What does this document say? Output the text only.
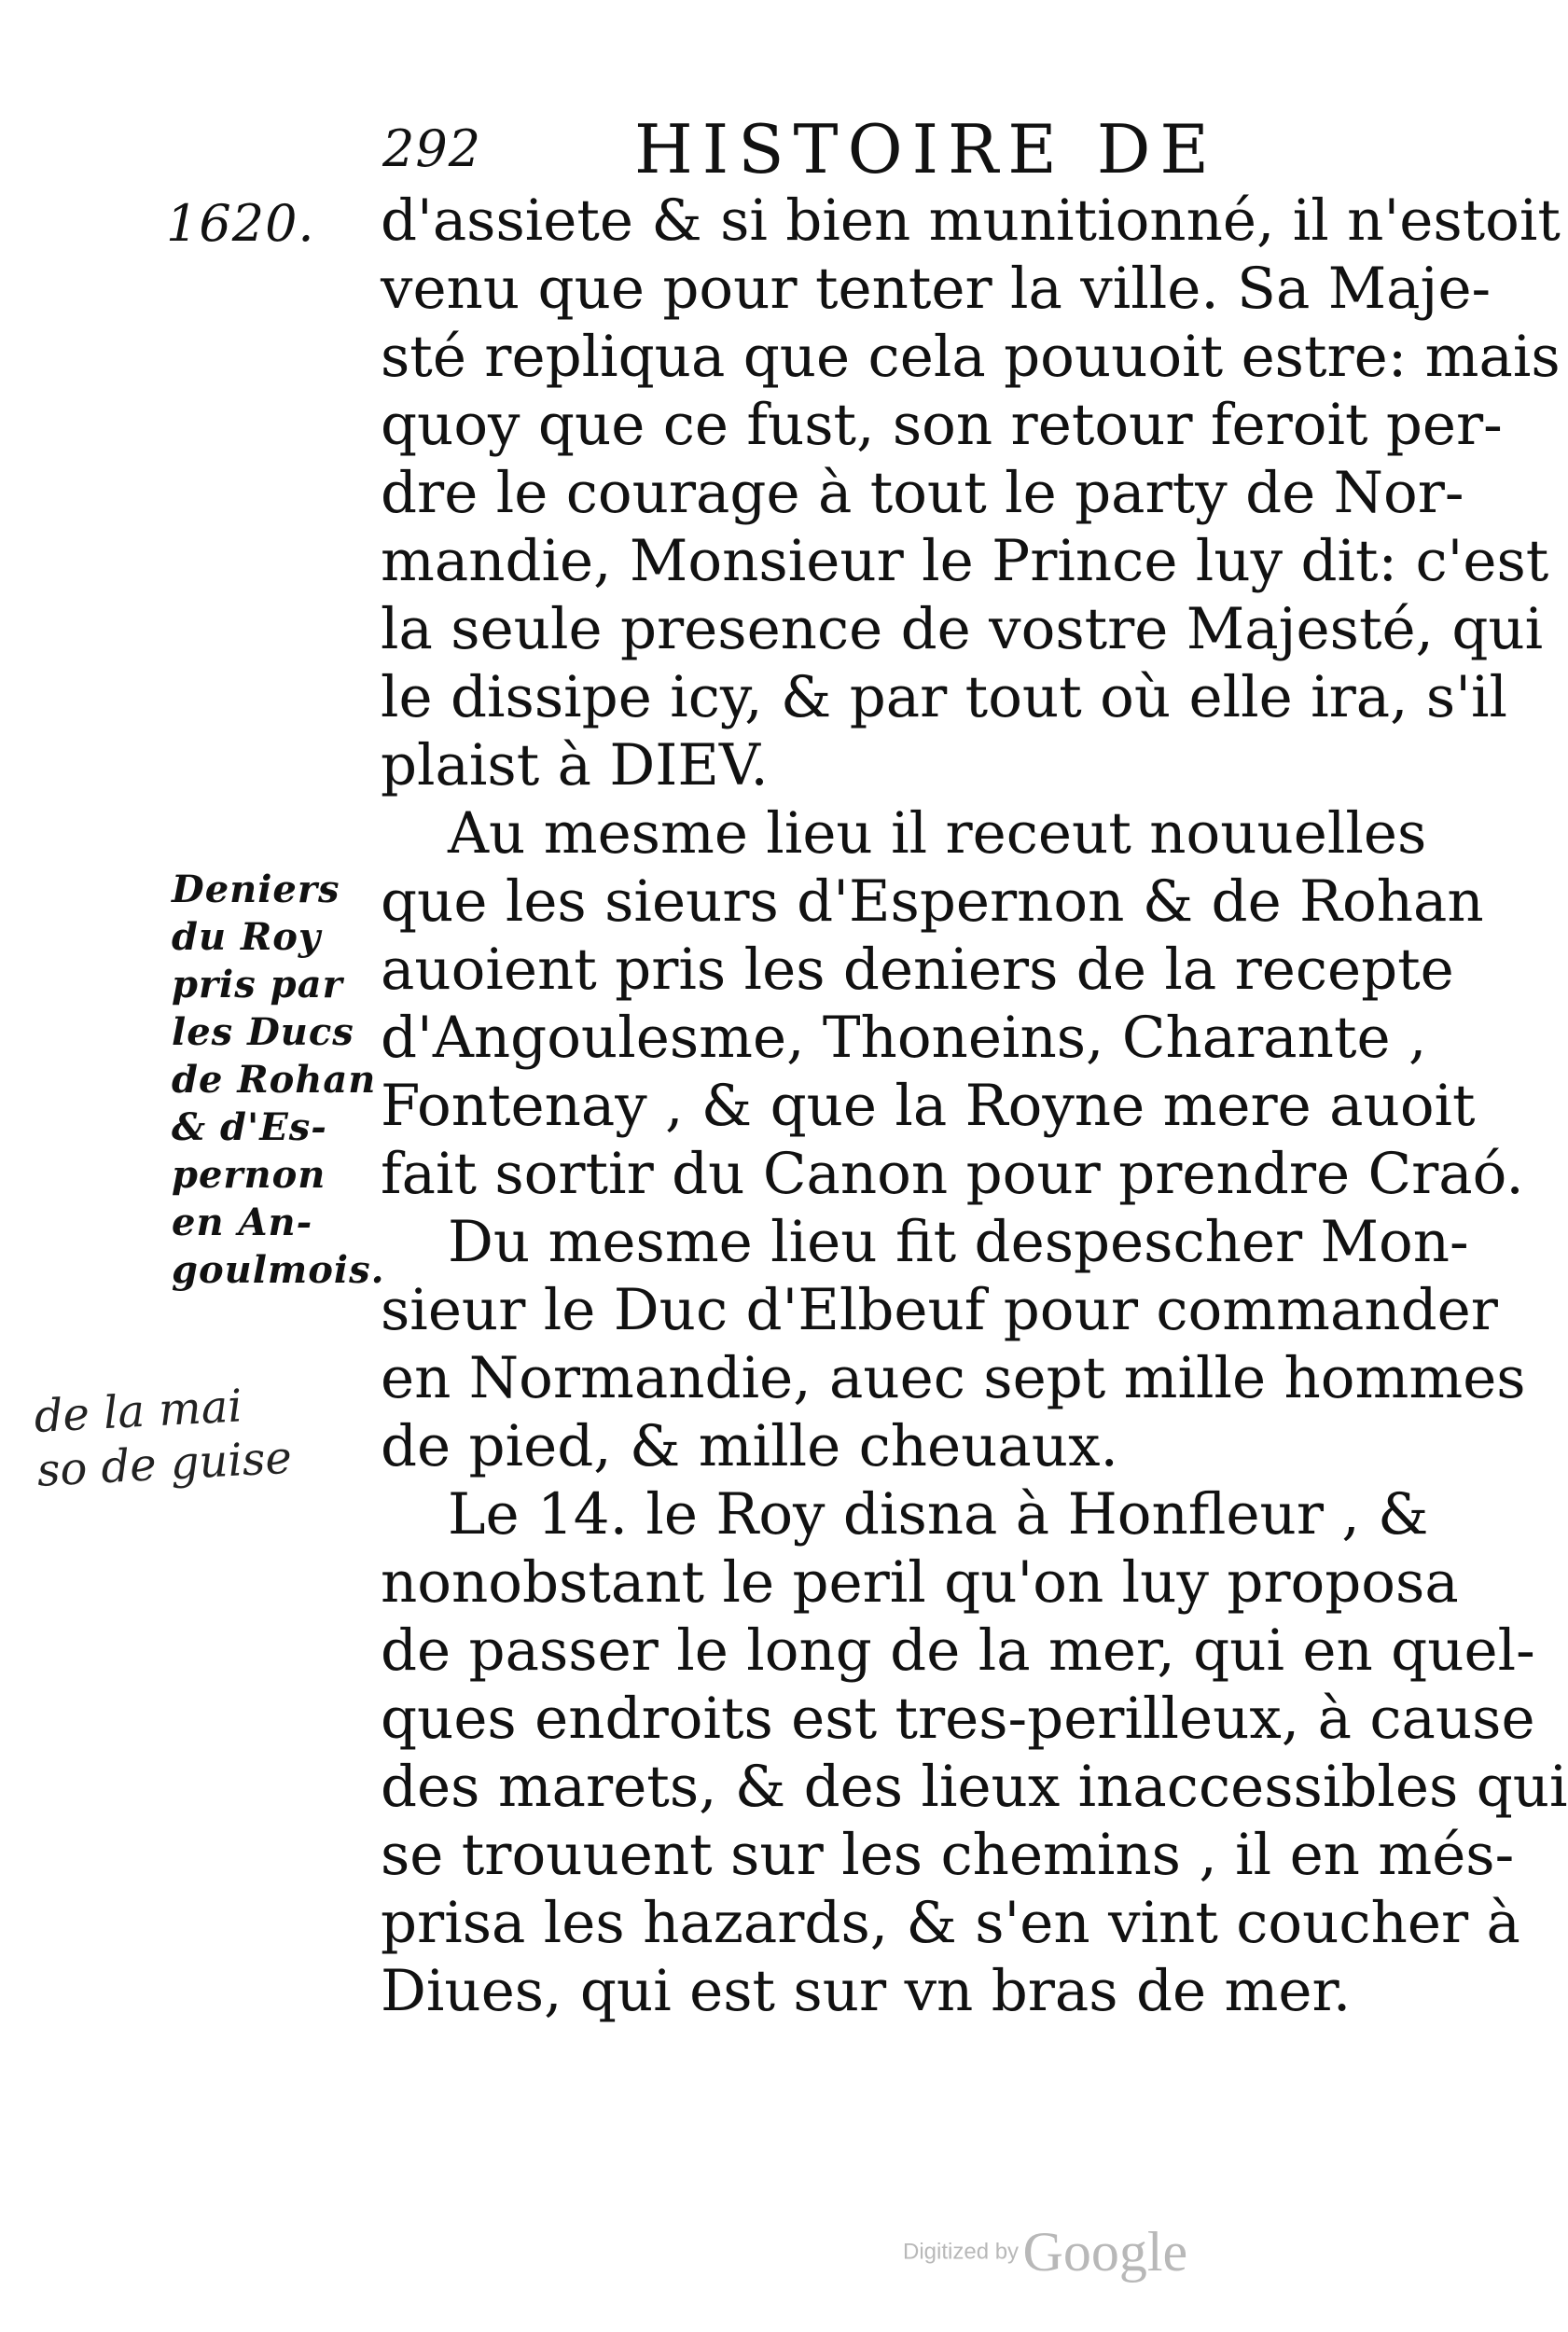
292 HISTOIRE DE
1620. d'assiete & si bien munitionné, il n'estoit
venu que pour tenter la ville. Sa Maje-
sté repliqua que cela pouuoit estre: mais
quoy que ce fust, son retour feroit per-
dre le courage à tout le party de Nor-
mandie, Monsieur le Prince luy dit: c'est
la seule presence de vostre Majesté, qui
le dissipe icy, & par tout où elle ira, s'il
plaist à DIEV.
Au mesme lieu il receut nouuelles
que les sieurs d'Espernon & de Rohan
auoient pris les deniers de la recepte
d'Angoulesme, Thoneins, Charante ,
Fontenay , & que la Royne mere auoit
fait sortir du Canon pour prendre Craó.
Du mesme lieu fit despescher Mon-
sieur le Duc d'Elbeuf pour commander
en Normandie, auec sept mille hommes
de pied, & mille cheuaux.
Le 14. le Roy disna à Honfleur , &
nonobstant le peril qu'on luy proposa
de passer le long de la mer, qui en quel-
ques endroits est tres-perilleux, à cause
des marets, & des lieux inaccessibles qui
se trouuent sur les chemins , il en més-
prisa les hazards, & s'en vint coucher à
Diues, qui est sur vn bras de mer.
Deniers
du Roy
pris par
les Ducs
de Rohan
& d'Es-
pernon
en An-
goulmois.
de la mai
so de guise
Digitized by Google
